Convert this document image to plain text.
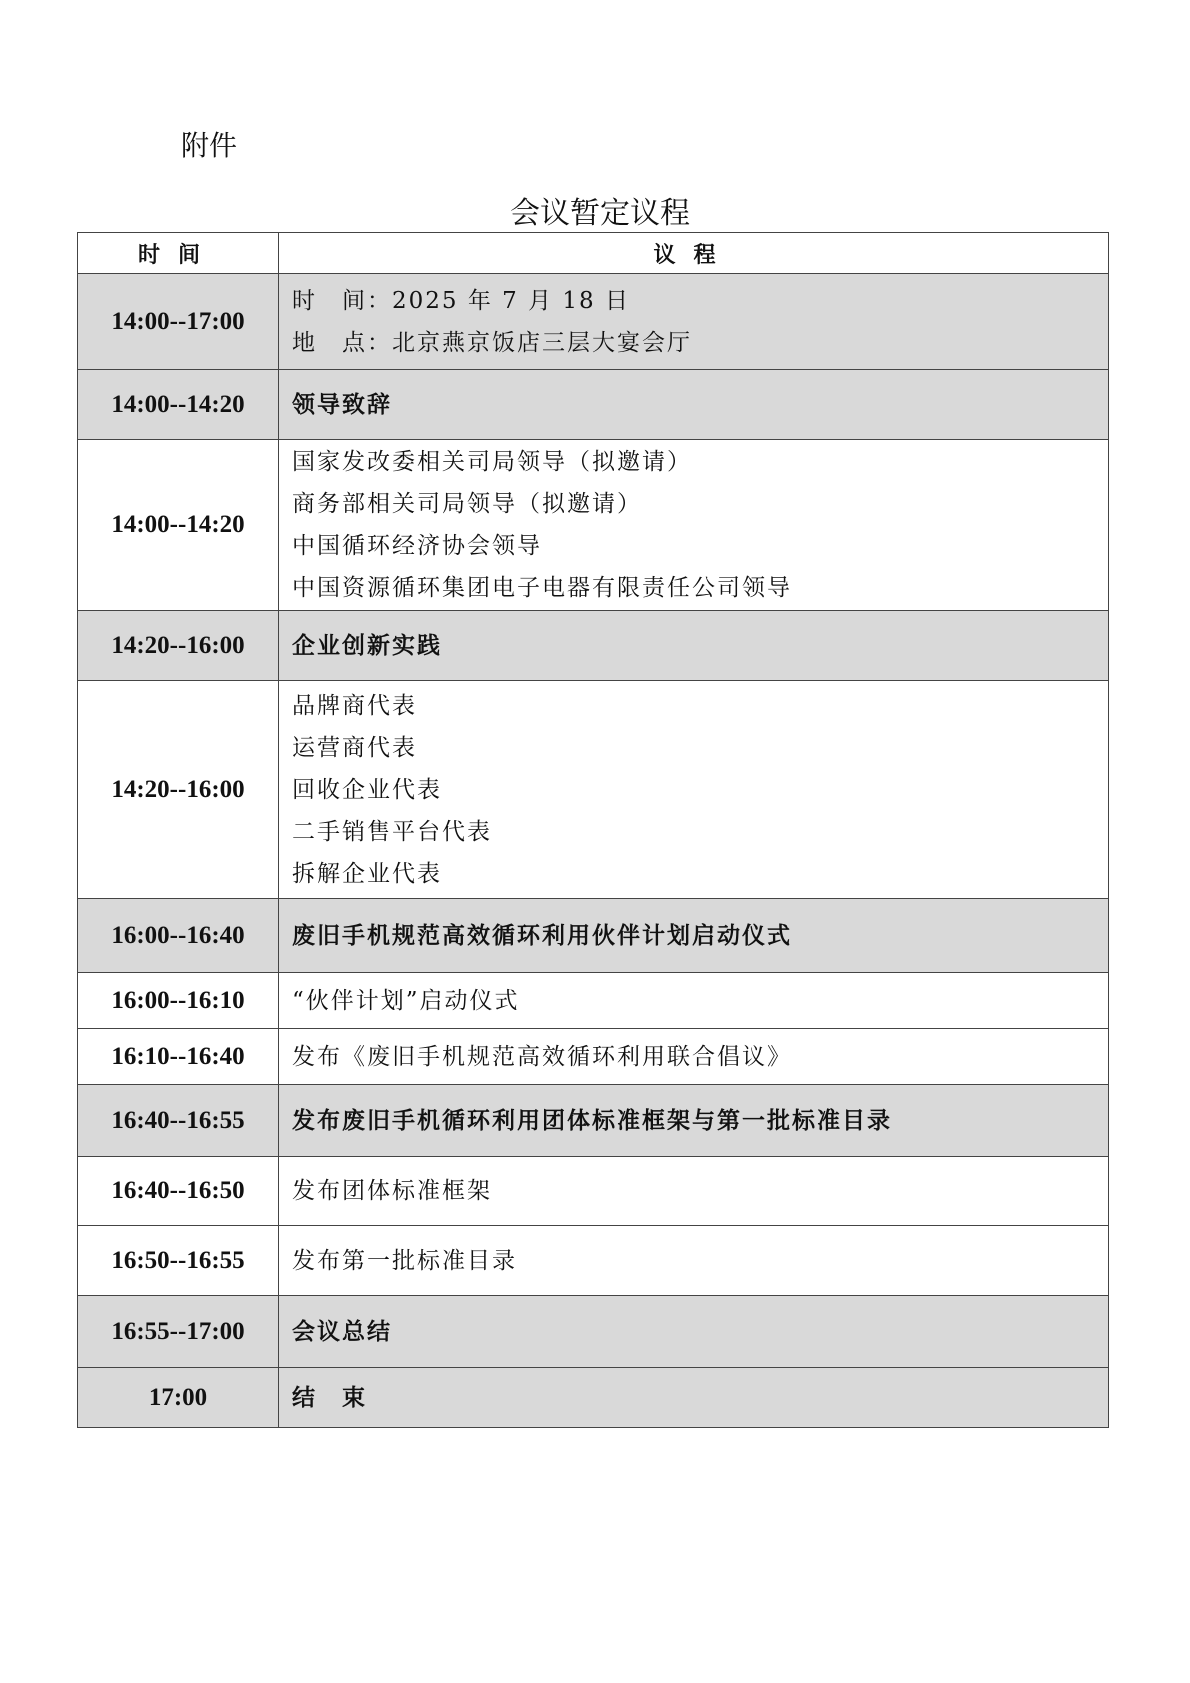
附件
会议暂定议程
时间	议程
14:00--17:00	时　间：2025 年 7 月 18 日
地　点：北京燕京饭店三层大宴会厅

14:00--14:20	领导致辞

14:00--14:20	国家发改委相关司局领导（拟邀请）
商务部相关司局领导（拟邀请）
中国循环经济协会领导
中国资源循环集团电子电器有限责任公司领导

14:20--16:00	企业创新实践

14:20--16:00	品牌商代表
运营商代表
回收企业代表
二手销售平台代表
拆解企业代表

16:00--16:40	废旧手机规范高效循环利用伙伴计划启动仪式

16:00--16:10	“伙伴计划”启动仪式

16:10--16:40	发布《废旧手机规范高效循环利用联合倡议》

16:40--16:55	发布废旧手机循环利用团体标准框架与第一批标准目录

16:40--16:50	发布团体标准框架

16:50--16:55	发布第一批标准目录

16:55--17:00	会议总结

17:00	结　束
